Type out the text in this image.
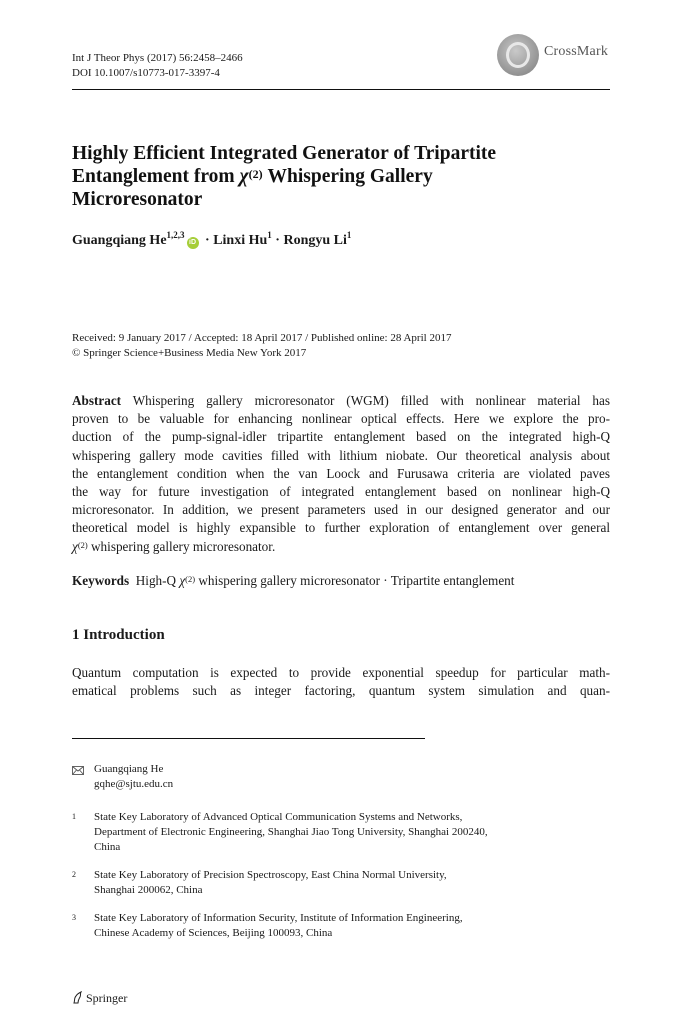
Int J Theor Phys (2017) 56:2458–2466
DOI 10.1007/s10773-017-3397-4
CrossMark
Highly Efficient Integrated Generator of Tripartite
Entanglement from $\chi^{(2)}$ Whispering Gallery
Microresonator
Guangqiang He$^{1,2,3}$iD · Linxi $Hu^1$ · Rongyu Li$^1$
Received: 9 January 2017 / Accepted: 18 April 2017 / Published online: 28 April 2017
© Springer Science+Business Media New York 2017
Abstract Whispering gallery microresonator (WGM) filled with nonlinear material has
proven to be valuable for enhancing nonlinear optical effects. Here we explore the pro-
duction of the pump-signal-idler tripartite entanglement based on the integrated high-Q
whispering gallery mode cavities filled with lithium niobate. Our theoretical analysis about
the entanglement condition when the van Loock and Furusawa criteria are violated paves
the way for future investigation of integrated entanglement based on nonlinear high-Q
microresonator. In addition, we present parameters used in our designed generator and our
theoretical model is highly expansible to further exploration of entanglement over general
$\chi^{(2)}$ whispering gallery microresonator.
Keywords High-Q $\chi^{(2)}$ whispering gallery microresonator · Tripartite entanglement
1 Introduction
Quantum computation is expected to provide exponential speedup for particular math-
ematical problems such as integer factoring, quantum system simulation and quan-
Guangqiang He
gqhe@sjtu.edu.cn
1 State Key Laboratory of Advanced Optical Communication Systems and Networks,
Department of Electronic Engineering, Shanghai Jiao Tong University, Shanghai 200240,
China
2 State Key Laboratory of Precision Spectroscopy, East China Normal University,
Shanghai 200062, China
3 State Key Laboratory of Information Security, Institute of Information Engineering,
Chinese Academy of Sciences, Beijing 100093, China
Springer
